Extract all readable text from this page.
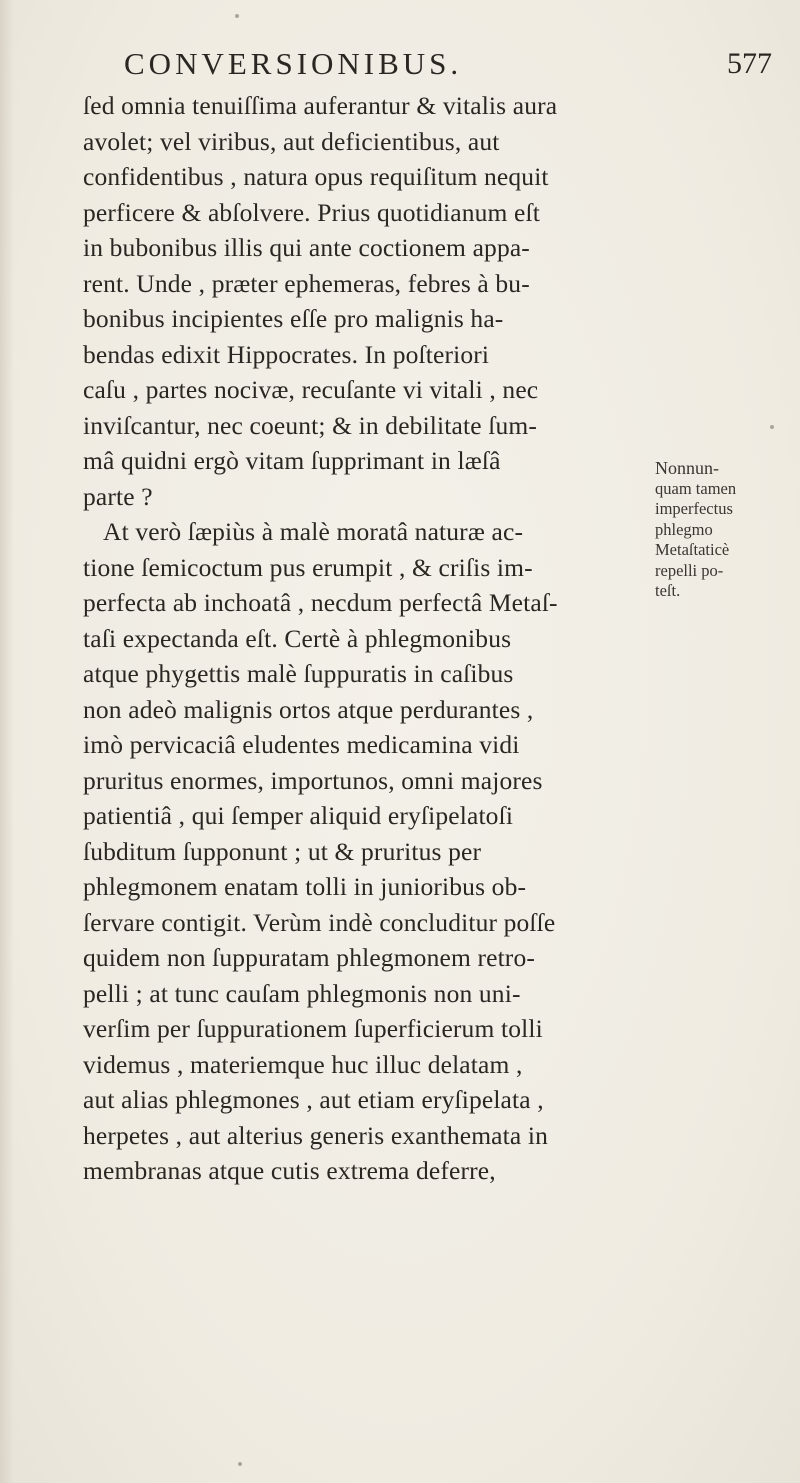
CONVERSIONIBUS.	577
ſed omnia tenuiſſima auferantur & vitalis aura
avolet; vel viribus, aut deficientibus, aut
confidentibus , natura opus requiſitum nequit
perficere & abſolvere. Prius quotidianum eſt
in bubonibus illis qui ante coctionem appa-
rent. Unde , præter ephemeras, febres à bu-
bonibus incipientes eſſe pro malignis ha-
bendas edixit Hippocrates. In poſteriori
caſu , partes nocivæ, recuſante vi vitali , nec
inviſcantur, nec coeunt; & in debilitate ſum-
mâ quidni ergò vitam ſupprimant in læſâ
parte ?
At verò ſæpiùs à malè moratâ naturæ ac-
tione ſemicoctum pus erumpit , & criſis im-
perfecta ab inchoatâ , necdum perfectâ Metaſ-
taſi expectanda eſt. Certè à phlegmonibus
atque phygettis malè ſuppuratis in caſibus
non adeò malignis ortos atque perdurantes ,
imò pervicaciâ eludentes medicamina vidi
pruritus enormes, importunos, omni majores
patientiâ , qui ſemper aliquid eryſipelatoſi
ſubditum ſupponunt ; ut & pruritus per
phlegmonem enatam tolli in junioribus ob-
ſervare contigit. Verùm indè concluditur poſſe
quidem non ſuppuratam phlegmonem retro-
pelli ; at tunc cauſam phlegmonis non uni-
verſim per ſuppurationem ſuperficierum tolli
videmus , materiemque huc illuc delatam ,
aut alias phlegmones , aut etiam eryſipelata ,
herpetes , aut alterius generis exanthemata in
membranas atque cutis extrema deferre,
Nonnun-
quam tamen
imperfectus
phlegmo
Metaſtaticè
repelli po-
teſt.
